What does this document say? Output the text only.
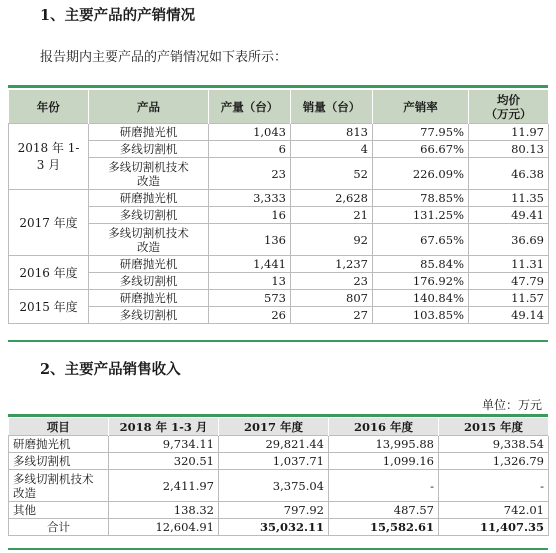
1、主要产品的产销情况
报告期内主要产品的产销情况如下表所示：
年份	产品	产量（台）	销量（台）	产销率	均价
（万元）
2018 年 1-3 月	研磨抛光机	1,043	813	77.95%	11.97
	多线切割机	6	4	66.67%	80.13
	多线切割机技术改造	23	52	226.09%	46.38
2017 年度	研磨抛光机	3,333	2,628	78.85%	11.35
	多线切割机	16	21	131.25%	49.41
	多线切割机技术改造	136	92	67.65%	36.69
2016 年度	研磨抛光机	1,441	1,237	85.84%	11.31
	多线切割机	13	23	176.92%	47.79
2015 年度	研磨抛光机	573	807	140.84%	11.57
	多线切割机	26	27	103.85%	49.14
2、主要产品销售收入
单位：万元
项目	2018 年 1-3 月	2017 年度	2016 年度	2015 年度
研磨抛光机	9,734.11	29,821.44	13,995.88	9,338.54
多线切割机	320.51	1,037.71	1,099.16	1,326.79
多线切割机技术改造	2,411.97	3,375.04	-	-
其他	138.32	797.92	487.57	742.01
合计	12,604.91	35,032.11	15,582.61	11,407.35
